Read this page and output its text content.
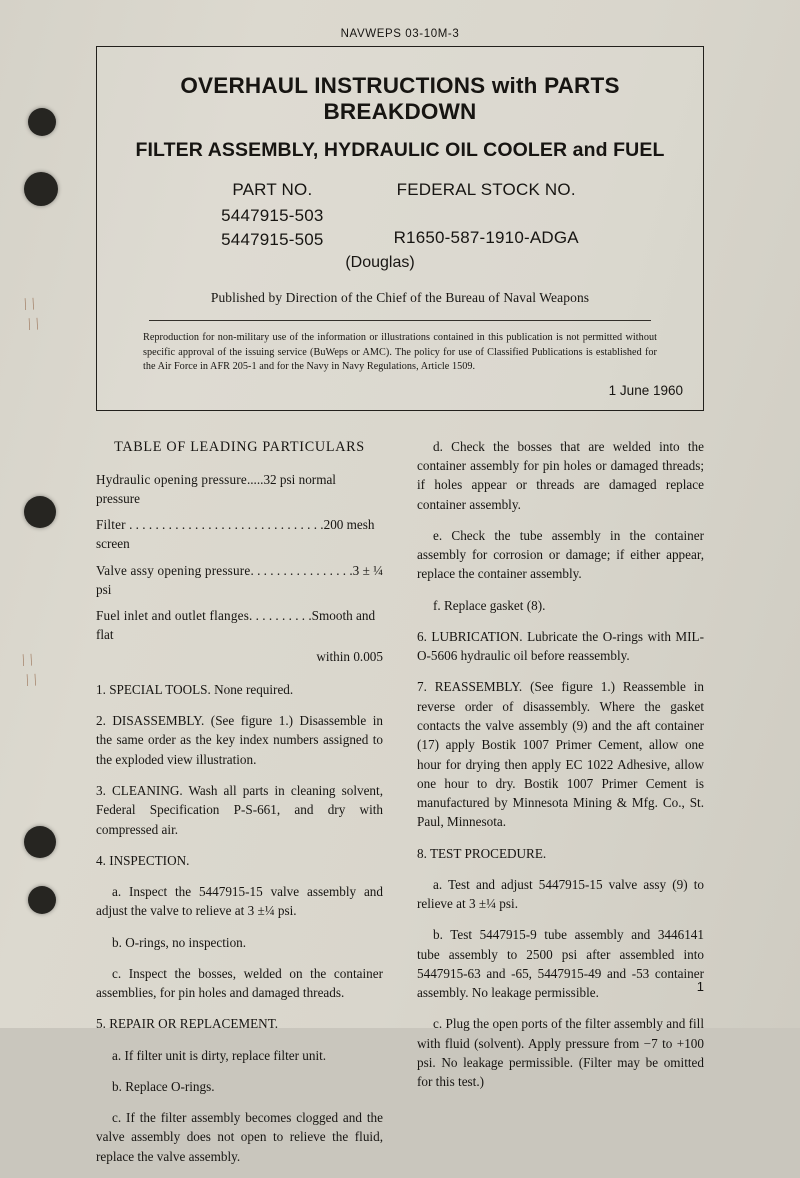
| |
| |
| |
| |
NAVWEPS 03-10M-3
OVERHAUL INSTRUCTIONS with PARTS BREAKDOWN
FILTER ASSEMBLY, HYDRAULIC OIL COOLER and FUEL
PART NO.
5447915-503
5447915-505
FEDERAL STOCK NO.
R1650-587-1910-ADGA
(Douglas)
Published by Direction of the Chief of the Bureau of Naval Weapons
Reproduction for non-military use of the information or illustrations contained in this publication is not permitted without specific approval of the issuing service (BuWeps or AMC). The policy for use of Classified Publications is established for the Air Force in AFR 205-1 and for the Navy in Navy Regulations, Article 1509.
1 June 1960
TABLE OF LEADING PARTICULARS
Hydraulic opening pressure.....32 psi normal pressure
Filter . . . . . . . . . . . . . . . . . . . . . . . . . . . . . .200 mesh screen
Valve assy opening pressure. . . . . . . . . . . . . . . .3 ± ¼ psi
Fuel inlet and outlet flanges. . . . . . . . . .Smooth and flat
within 0.005

1. SPECIAL TOOLS. None required.

2. DISASSEMBLY. (See figure 1.) Disassemble in the same order as the key index numbers assigned to the exploded view illustration.

3. CLEANING. Wash all parts in cleaning solvent, Federal Specification P-S-661, and dry with compressed air.

4. INSPECTION.

a. Inspect the 5447915-15 valve assembly and adjust the valve to relieve at 3 ±¼ psi.

b. O-rings, no inspection.

c. Inspect the bosses, welded on the container assemblies, for pin holes and damaged threads.

5. REPAIR OR REPLACEMENT.

a. If filter unit is dirty, replace filter unit.

b. Replace O-rings.

c. If the filter assembly becomes clogged and the valve assembly does not open to relieve the fluid, replace the valve assembly.

d. Check the bosses that are welded into the container assembly for pin holes or damaged threads; if holes appear or threads are damaged replace container assembly.

e. Check the tube assembly in the container assembly for corrosion or damage; if either appear, replace the container assembly.

f. Replace gasket (8).

6. LUBRICATION. Lubricate the O-rings with MIL-O-5606 hydraulic oil before reassembly.

7. REASSEMBLY. (See figure 1.) Reassemble in reverse order of disassembly. Where the gasket contacts the valve assembly (9) and the aft container (17) apply Bostik 1007 Primer Cement, allow one hour for drying then apply EC 1022 Adhesive, allow one hour to dry. Bostik 1007 Primer Cement is manufactured by Minnesota Mining & Mfg. Co., St. Paul, Minnesota.

8. TEST PROCEDURE.

a. Test and adjust 5447915-15 valve assy (9) to relieve at 3 ±¼ psi.

b. Test 5447915-9 tube assembly and 3446141 tube assembly to 2500 psi after assembled into 5447915-63 and -65, 5447915-49 and -53 container assembly. No leakage permissible.

c. Plug the open ports of the filter assembly and fill with fluid (solvent). Apply pressure from −7 to +100 psi. No leakage permissible. (Filter may be omitted for this test.)

1
